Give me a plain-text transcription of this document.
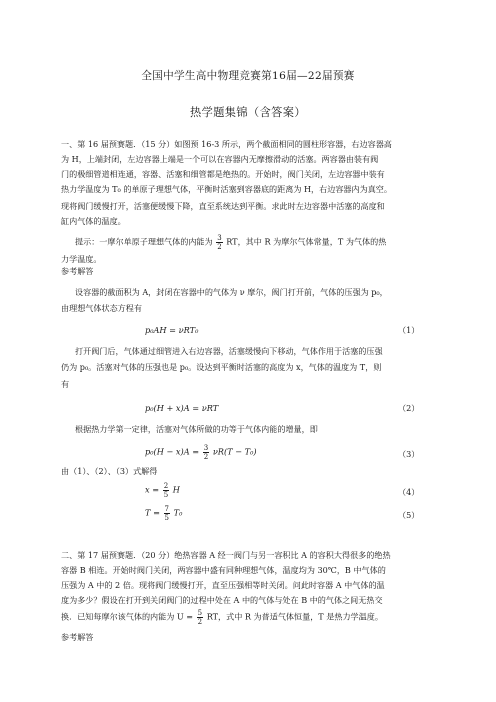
全国中学生高中物理竞赛第16届—22届预赛
热学题集锦（含答案）
一、第 16 届预赛题．（15 分）如图预 16-3 所示，两个截面相同的圆柱形容器，右边容器高
为 H，上端封闭，左边容器上端是一个可以在容器内无摩擦滑动的活塞。两容器由装有阀
门的极细管道相连通，容器、活塞和细管都是绝热的。开始时，阀门关闭，左边容器中装有
热力学温度为 T₀ 的单原子理想气体，平衡时活塞到容器底的距离为 H，右边容器内为真空。
现将阀门缓慢打开，活塞便缓慢下降，直至系统达到平衡。求此时左边容器中活塞的高度和
缸内气体的温度。
提示：一摩尔单原子理想气体的内能为 $\frac{3}{2}$ RT，其中 R 为摩尔气体常量，T 为气体的热
力学温度。
参考解答
设容器的截面积为 A，封闭在容器中的气体为 ν 摩尔，阀门打开前，气体的压强为 p₀，
由理想气体状态方程有
p₀AH = νRT₀	（1）
打开阀门后，气体通过细管进入右边容器，活塞缓慢向下移动，气体作用于活塞的压强
仍为 p₀。活塞对气体的压强也是 p₀。设达到平衡时活塞的高度为 x，气体的温度为 T，则
有
p₀(H + x)A = νRT	（2）
根据热力学第一定律，活塞对气体所做的功等于气体内能的增量，即
$p_0(H - x)A = \frac{3}{2} \nu R(T - T_0)$	（3）
由（1）、（2）、（3）式解得
$x = \frac{2}{5}$ H	（4）
$T = \frac{7}{5} T_0$	（5）
二、第 17 届预赛题．（20 分）绝热容器 A 经一阀门与另一容积比 A 的容积大得很多的绝热
容器 B 相连。开始时阀门关闭，两容器中盛有同种理想气体，温度均为 30℃，B 中气体的
压强为 A 中的 2 倍。现将阀门缓慢打开，直至压强相等时关闭。问此时容器 A 中气体的温
度为多少？假设在打开到关闭阀门的过程中处在 A 中的气体与处在 B 中的气体之间无热交
换．已知每摩尔该气体的内能为 $U = \frac{5}{2}$ RT，式中 R 为普适气体恒量，T 是热力学温度。
参考解答
